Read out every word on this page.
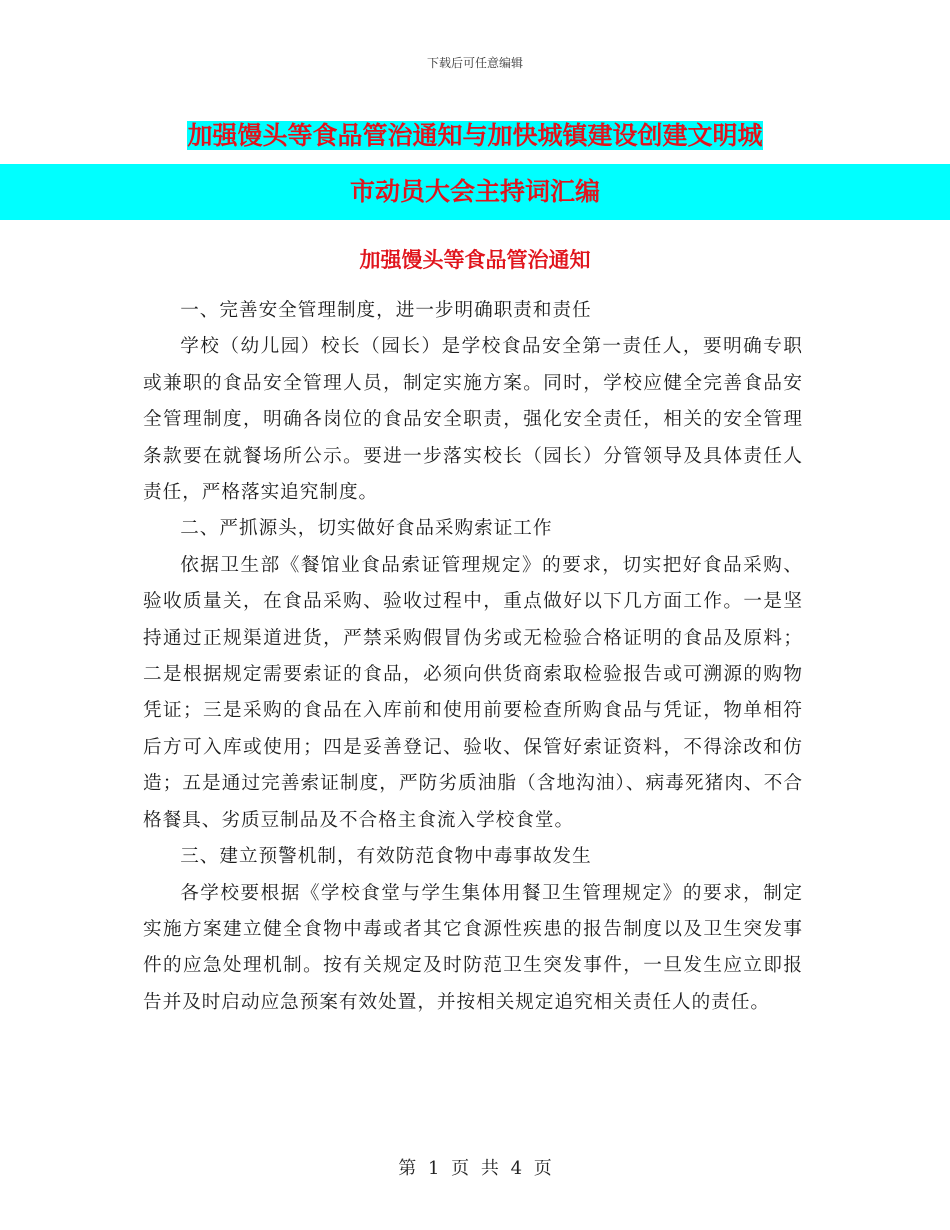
下载后可任意编辑
加强馒头等食品管治通知与加快城镇建设创建文明城
市动员大会主持词汇编
加强馒头等食品管治通知

一、完善安全管理制度，进一步明确职责和责任

学校（幼儿园）校长（园长）是学校食品安全第一责任人，要明确专职或兼职的食品安全管理人员，制定实施方案。同时，学校应健全完善食品安全管理制度，明确各岗位的食品安全职责，强化安全责任，相关的安全管理条款要在就餐场所公示。要进一步落实校长（园长）分管领导及具体责任人责任，严格落实追究制度。

二、严抓源头，切实做好食品采购索证工作

依据卫生部《餐馆业食品索证管理规定》的要求，切实把好食品采购、验收质量关，在食品采购、验收过程中，重点做好以下几方面工作。一是坚持通过正规渠道进货，严禁采购假冒伪劣或无检验合格证明的食品及原料；二是根据规定需要索证的食品，必须向供货商索取检验报告或可溯源的购物凭证；三是采购的食品在入库前和使用前要检查所购食品与凭证，物单相符后方可入库或使用；四是妥善登记、验收、保管好索证资料，不得涂改和仿造；五是通过完善索证制度，严防劣质油脂（含地沟油）、病毒死猪肉、不合格餐具、劣质豆制品及不合格主食流入学校食堂。

三、建立预警机制，有效防范食物中毒事故发生

各学校要根据《学校食堂与学生集体用餐卫生管理规定》的要求，制定实施方案建立健全食物中毒或者其它食源性疾患的报告制度以及卫生突发事件的应急处理机制。按有关规定及时防范卫生突发事件，一旦发生应立即报告并及时启动应急预案有效处置，并按相关规定追究相关责任人的责任。

第 1 页 共 4 页
